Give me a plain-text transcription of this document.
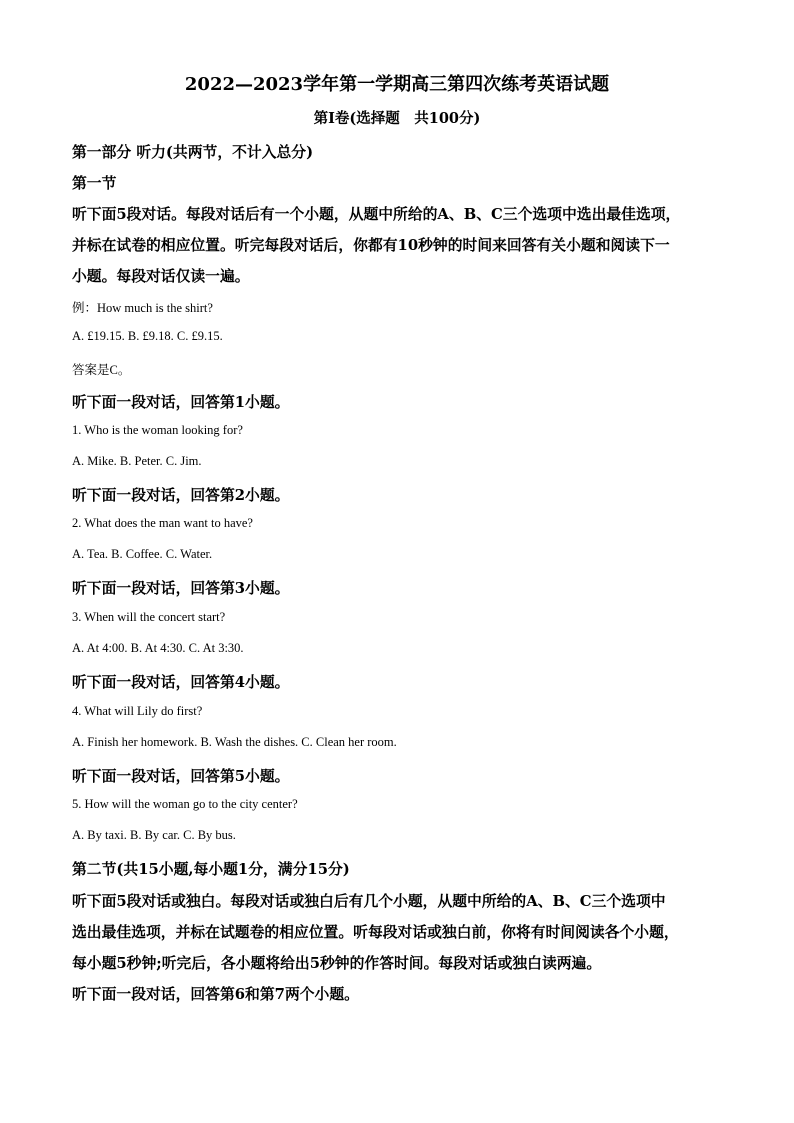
2022—2023学年第一学期高三第四次练考英语试题
第Ⅰ卷(选择题　共100分)
第一部分 听力(共两节，不计入总分)
第一节
听下面5段对话。每段对话后有一个小题，从题中所给的A、B、C三个选项中选出最佳选项，
并标在试卷的相应位置。听完每段对话后，你都有10秒钟的时间来回答有关小题和阅读下一
小题。每段对话仅读一遍。
例：How much is the shirt?
A. £19.15. B. £9.18. C. £9.15.
答案是C。
听下面一段对话，回答第1小题。
1. Who is the woman looking for?
A. Mike. B. Peter. C. Jim.
听下面一段对话，回答第2小题。
2. What does the man want to have?
A. Tea. B. Coffee. C. Water.
听下面一段对话，回答第3小题。
3. When will the concert start?
A. At 4:00. B. At 4:30. C. At 3:30.
听下面一段对话，回答第4小题。
4. What will Lily do first?
A. Finish her homework. B. Wash the dishes. C. Clean her room.
听下面一段对话，回答第5小题。
5. How will the woman go to the city center?
A. By taxi. B. By car. C. By bus.
第二节(共15小题,每小题1分，满分15分)
听下面5段对话或独白。每段对话或独白后有几个小题，从题中所给的A、B、C三个选项中
选出最佳选项，并标在试题卷的相应位置。听每段对话或独白前，你将有时间阅读各个小题，
每小题5秒钟;听完后，各小题将给出5秒钟的作答时间。每段对话或独白读两遍。
听下面一段对话，回答第6和第7两个小题。
